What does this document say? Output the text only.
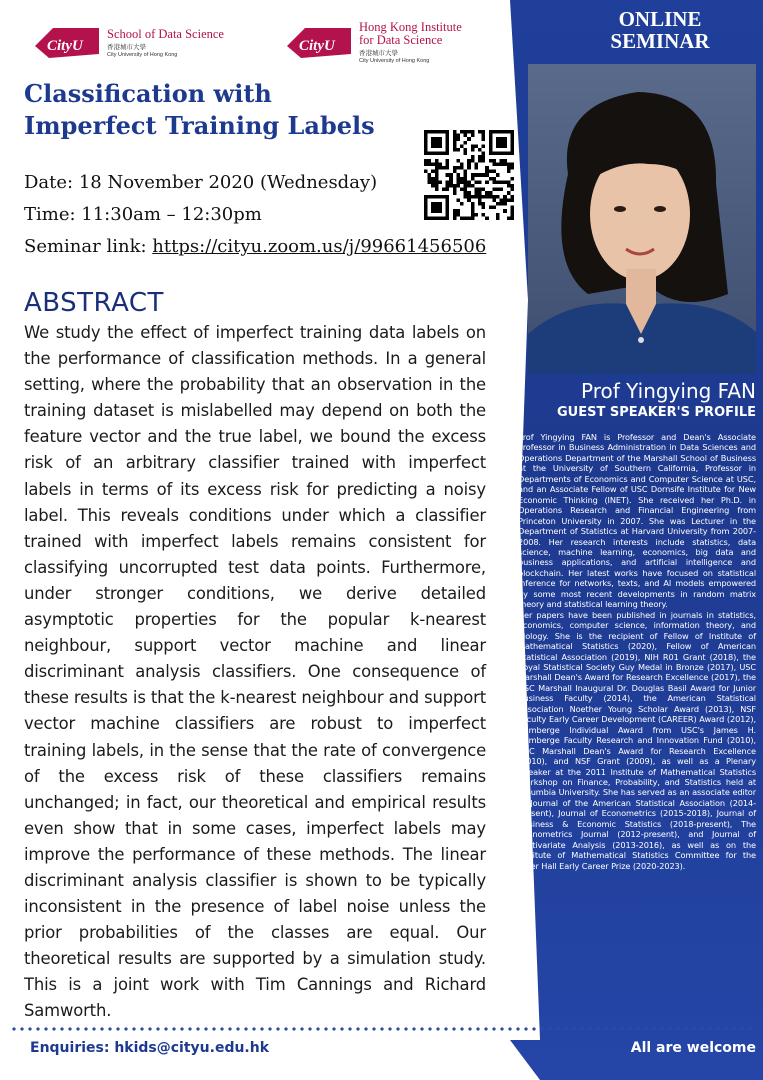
CityU
School of Data Science
香港城市大學
City University of Hong Kong
CityU
Hong Kong Institute for Data Science
香港城市大學
City University of Hong Kong
ONLINE
SEMINAR
Classification with
Imperfect Training Labels
Date: 18 November 2020 (Wednesday)
Time: 11:30am – 12:30pm
Seminar link: https://cityu.zoom.us/j/99661456506
ABSTRACT
We study the effect of imperfect training data labels on the performance of classification methods. In a general setting, where the probability that an observation in the training dataset is mislabelled may depend on both the feature vector and the true label, we bound the excess risk of an arbitrary classifier trained with imperfect labels in terms of its excess risk for predicting a noisy label. This reveals conditions under which a classifier trained with imperfect labels remains consistent for classifying uncorrupted test data points. Furthermore, under stronger conditions, we derive detailed asymptotic properties for the popular k-nearest neighbour, support vector machine and linear discriminant analysis classifiers. One consequence of these results is that the k-nearest neighbour and support vector machine classifiers are robust to imperfect training labels, in the sense that the rate of convergence of the excess risk of these classifiers remains unchanged; in fact, our theoretical and empirical results even show that in some cases, imperfect labels may improve the performance of these methods. The linear discriminant analysis classifier is shown to be typically inconsistent in the presence of label noise unless the prior probabilities of the classes are equal. Our theoretical results are supported by a simulation study. This is a joint work with Tim Cannings and Richard Samworth.
Prof Yingying FAN
GUEST SPEAKER'S PROFILE

Prof Yingying FAN is Professor and Dean's Associate Professor in Business Administration in Data Sciences and Operations Department of the Marshall School of Business at the University of Southern California, Professor in Departments of Economics and Computer Science at USC, and an Associate Fellow of USC Dornsife Institute for New Economic Thinking (INET). She received her Ph.D. in Operations Research and Financial Engineering from Princeton University in 2007. She was Lecturer in the Department of Statistics at Harvard University from 2007-2008. Her research interests include statistics, data science, machine learning, economics, big data and business applications, and artificial intelligence and blockchain. Her latest works have focused on statistical inference for networks, texts, and AI models empowered by some most recent developments in random matrix theory and statistical learning theory.

Her papers have been published in journals in statistics, economics, computer science, information theory, and biology. She is the recipient of Fellow of Institute of Mathematical Statistics (2020), Fellow of American Statistical Association (2019), NIH R01 Grant (2018), the Royal Statistical Society Guy Medal in Bronze (2017), USC Marshall Dean's Award for Research Excellence (2017), the USC Marshall Inaugural Dr. Douglas Basil Award for Junior Business Faculty (2014), the American Statistical Association Noether Young Scholar Award (2013), NSF Faculty Early Career Development (CAREER) Award (2012), Zumberge Individual Award from USC's James H. Zumberge Faculty Research and Innovation Fund (2010), USC Marshall Dean's Award for Research Excellence (2010), and NSF Grant (2009), as well as a Plenary Speaker at the 2011 Institute of Mathematical Statistics Workshop on Finance, Probability, and Statistics held at Columbia University. She has served as an associate editor of Journal of the American Statistical Association (2014-present), Journal of Econometrics (2015-2018), Journal of Business & Economic Statistics (2018-present), The Econometrics Journal (2012-present), and Journal of Multivariate Analysis (2013-2016), as well as on the Institute of Mathematical Statistics Committee for the Peter Hall Early Career Prize (2020-2023).

Enquiries: hkids@cityu.edu.hk	All are welcome
